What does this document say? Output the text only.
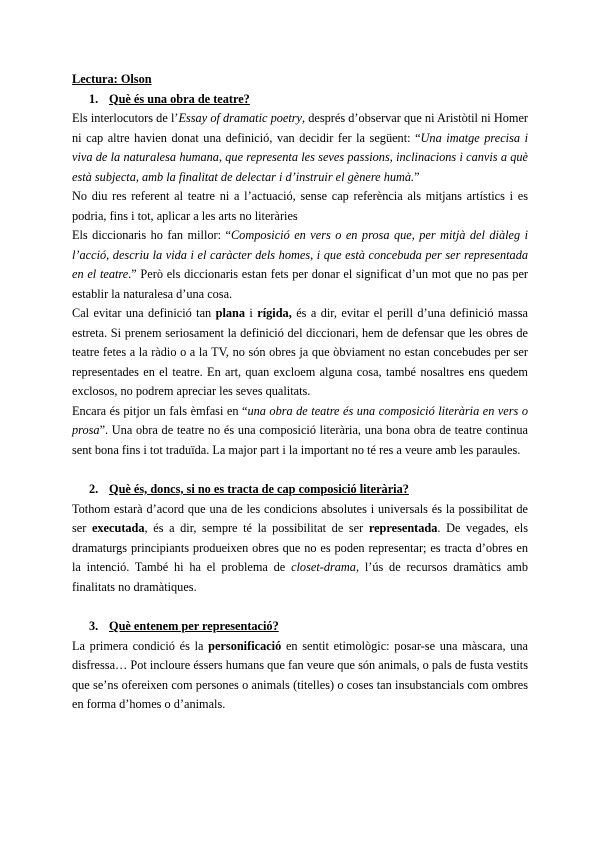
Lectura: Olson

1. Què és una obra de teatre?

Els interlocutors de l’Essay of dramatic poetry, després d’observar que ni Aristòtil ni Homer ni cap altre havien donat una definició, van decidir fer la següent: “Una imatge precisa i viva de la naturalesa humana, que representa les seves passions, inclinacions i canvis a què està subjecta, amb la finalitat de delectar i d’instruir el gènere humà.”

No diu res referent al teatre ni a l’actuació, sense cap referència als mitjans artístics i es podria, fins i tot, aplicar a les arts no literàries

Els diccionaris ho fan millor: “Composició en vers o en prosa que, per mitjà del diàleg i l’acció, descriu la vida i el caràcter dels homes, i que està concebuda per ser representada en el teatre.” Però els diccionaris estan fets per donar el significat d’un mot que no pas per establir la naturalesa d’una cosa.

Cal evitar una definició tan plana i rígida, és a dir, evitar el perill d’una definició massa estreta. Si prenem seriosament la definició del diccionari, hem de defensar que les obres de teatre fetes a la ràdio o a la TV, no són obres ja que òbviament no estan concebudes per ser representades en el teatre. En art, quan excloem alguna cosa, també nosaltres ens quedem exclosos, no podrem apreciar les seves qualitats.

Encara és pitjor un fals èmfasi en “una obra de teatre és una composició literària en vers o prosa”. Una obra de teatre no és una composició literària, una bona obra de teatre continua sent bona fins i tot traduïda. La major part i la important no té res a veure amb les paraules.

2. Què és, doncs, si no es tracta de cap composició literària?

Tothom estarà d’acord que una de les condicions absolutes i universals és la possibilitat de ser executada, és a dir, sempre té la possibilitat de ser representada. De vegades, els dramaturgs principiants produeixen obres que no es poden representar; es tracta d’obres en la intenció. També hi ha el problema de closet-drama, l’ús de recursos dramàtics amb finalitats no dramàtiques.

3. Què entenem per representació?

La primera condició és la personificació en sentit etimològic: posar-se una màscara, una disfressa… Pot incloure éssers humans que fan veure que són animals, o pals de fusta vestits que se’ns ofereixen com persones o animals (titelles) o coses tan insubstancials com ombres en forma d’homes o d’animals.
